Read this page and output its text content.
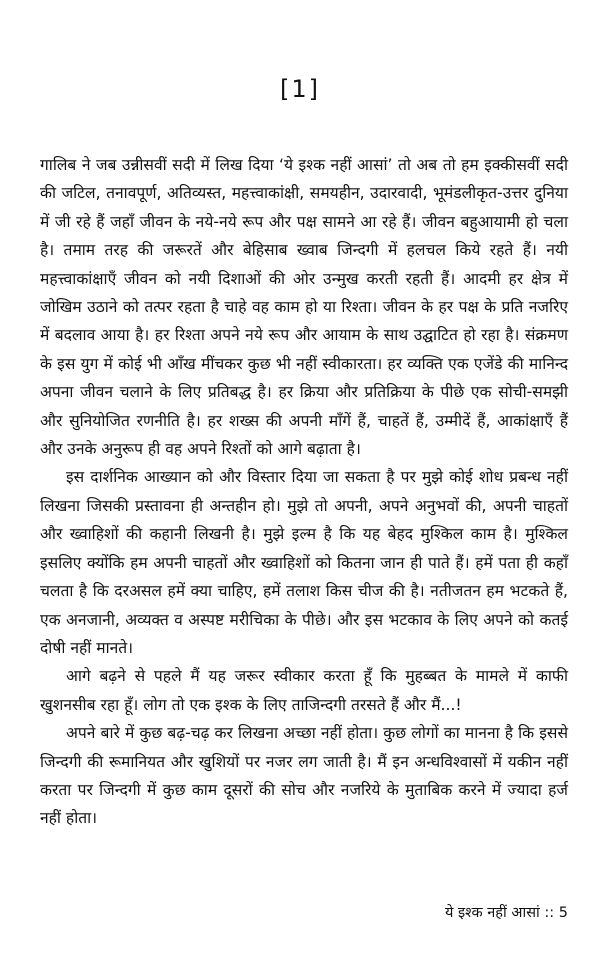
[1]

गालिब ने जब उन्नीसवीं सदी में लिख दिया ‘ये इश्क नहीं आसां’ तो अब तो हम इक्कीसवीं सदी की जटिल, तनावपूर्ण, अतिव्यस्त, महत्त्वाकांक्षी, समयहीन, उदारवादी, भूमंडलीकृत-उत्तर दुनिया में जी रहे हैं जहाँ जीवन के नये-नये रूप और पक्ष सामने आ रहे हैं। जीवन बहुआयामी हो चला है। तमाम तरह की जरूरतें और बेहिसाब ख्वाब जिन्दगी में हलचल किये रहते हैं। नयी महत्त्वाकांक्षाएँ जीवन को नयी दिशाओं की ओर उन्मुख करती रहती हैं। आदमी हर क्षेत्र में जोखिम उठाने को तत्पर रहता है चाहे वह काम हो या रिश्ता। जीवन के हर पक्ष के प्रति नजरिए में बदलाव आया है। हर रिश्ता अपने नये रूप और आयाम के साथ उद्घाटित हो रहा है। संक्रमण के इस युग में कोई भी आँख मींचकर कुछ भी नहीं स्वीकारता। हर व्यक्ति एक एजेंडे की मानिन्द अपना जीवन चलाने के लिए प्रतिबद्ध है। हर क्रिया और प्रतिक्रिया के पीछे एक सोची-समझी और सुनियोजित रणनीति है। हर शख्स की अपनी माँगें हैं, चाहतें हैं, उम्मीदें हैं, आकांक्षाएँ हैं और उनके अनुरूप ही वह अपने रिश्तों को आगे बढ़ाता है।

इस दार्शनिक आख्यान को और विस्तार दिया जा सकता है पर मुझे कोई शोध प्रबन्ध नहीं लिखना जिसकी प्रस्तावना ही अन्तहीन हो। मुझे तो अपनी, अपने अनुभवों की, अपनी चाहतों और ख्वाहिशों की कहानी लिखनी है। मुझे इल्म है कि यह बेहद मुश्किल काम है। मुश्किल इसलिए क्योंकि हम अपनी चाहतों और ख्वाहिशों को कितना जान ही पाते हैं। हमें पता ही कहाँ चलता है कि दरअसल हमें क्या चाहिए, हमें तलाश किस चीज की है। नतीजतन हम भटकते हैं, एक अनजानी, अव्यक्त व अस्पष्ट मरीचिका के पीछे। और इस भटकाव के लिए अपने को कतई दोषी नहीं मानते।

आगे बढ़ने से पहले मैं यह जरूर स्वीकार करता हूँ कि मुहब्बत के मामले में काफी खुशनसीब रहा हूँ। लोग तो एक इश्क के लिए ताजिन्दगी तरसते हैं और मैं...!

अपने बारे में कुछ बढ़-चढ़ कर लिखना अच्छा नहीं होता। कुछ लोगों का मानना है कि इससे जिन्दगी की रूमानियत और खुशियों पर नजर लग जाती है। मैं इन अन्धविश्वासों में यकीन नहीं करता पर जिन्दगी में कुछ काम दूसरों की सोच और नजरिये के मुताबिक करने में ज्यादा हर्ज नहीं होता।

ये इश्क नहीं आसां :: 5
